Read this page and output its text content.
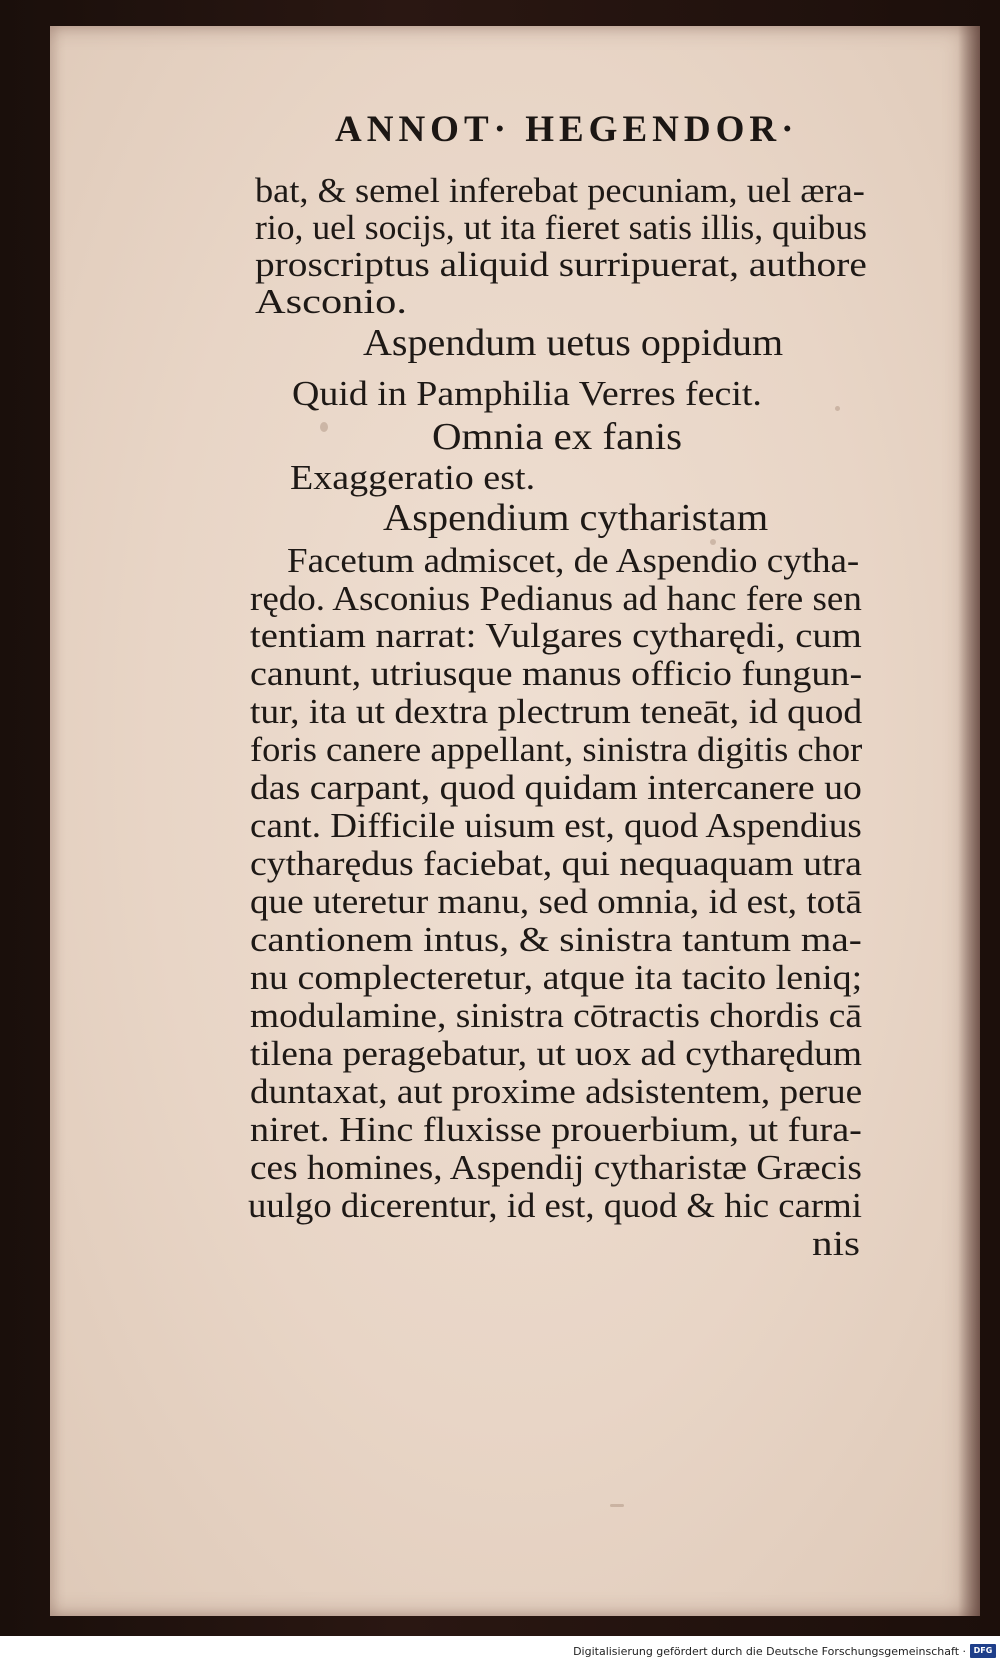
ANNOT· HEGENDOR·
bat, & semel inferebat pecuniam, uel æra-
rio, uel socijs, ut ita fieret satis illis, quibus
proscriptus aliquid surripuerat, authore
Asconio.
Aspendum uetus oppidum
Quid in Pamphilia Verres fecit.
Omnia ex fanis
Exaggeratio est.
Aspendium cytharistam
Facetum admiscet, de Aspendio cytha-
rędo. Asconius Pedianus ad hanc fere sen
tentiam narrat: Vulgares cytharędi, cum
canunt, utriusque manus officio fungun-
tur, ita ut dextra plectrum teneāt, id quod
foris canere appellant, sinistra digitis chor
das carpant, quod quidam intercanere uo
cant. Difficile uisum est, quod Aspendius
cytharędus faciebat, qui nequaquam utra
que uteretur manu, sed omnia, id est, totā
cantionem intus, & sinistra tantum ma-
nu complecteretur, atque ita tacito leniq;
modulamine, sinistra cōtractis chordis cā
tilena peragebatur, ut uox ad cytharędum
duntaxat, aut proxime adsistentem, perue
niret. Hinc fluxisse prouerbium, ut fura-
ces homines, Aspendij cytharistæ Græcis
uulgo dicerentur, id est, quod & hic carmi
nis
Digitalisierung gefördert durch die Deutsche Forschungsgemeinschaft · DFG
